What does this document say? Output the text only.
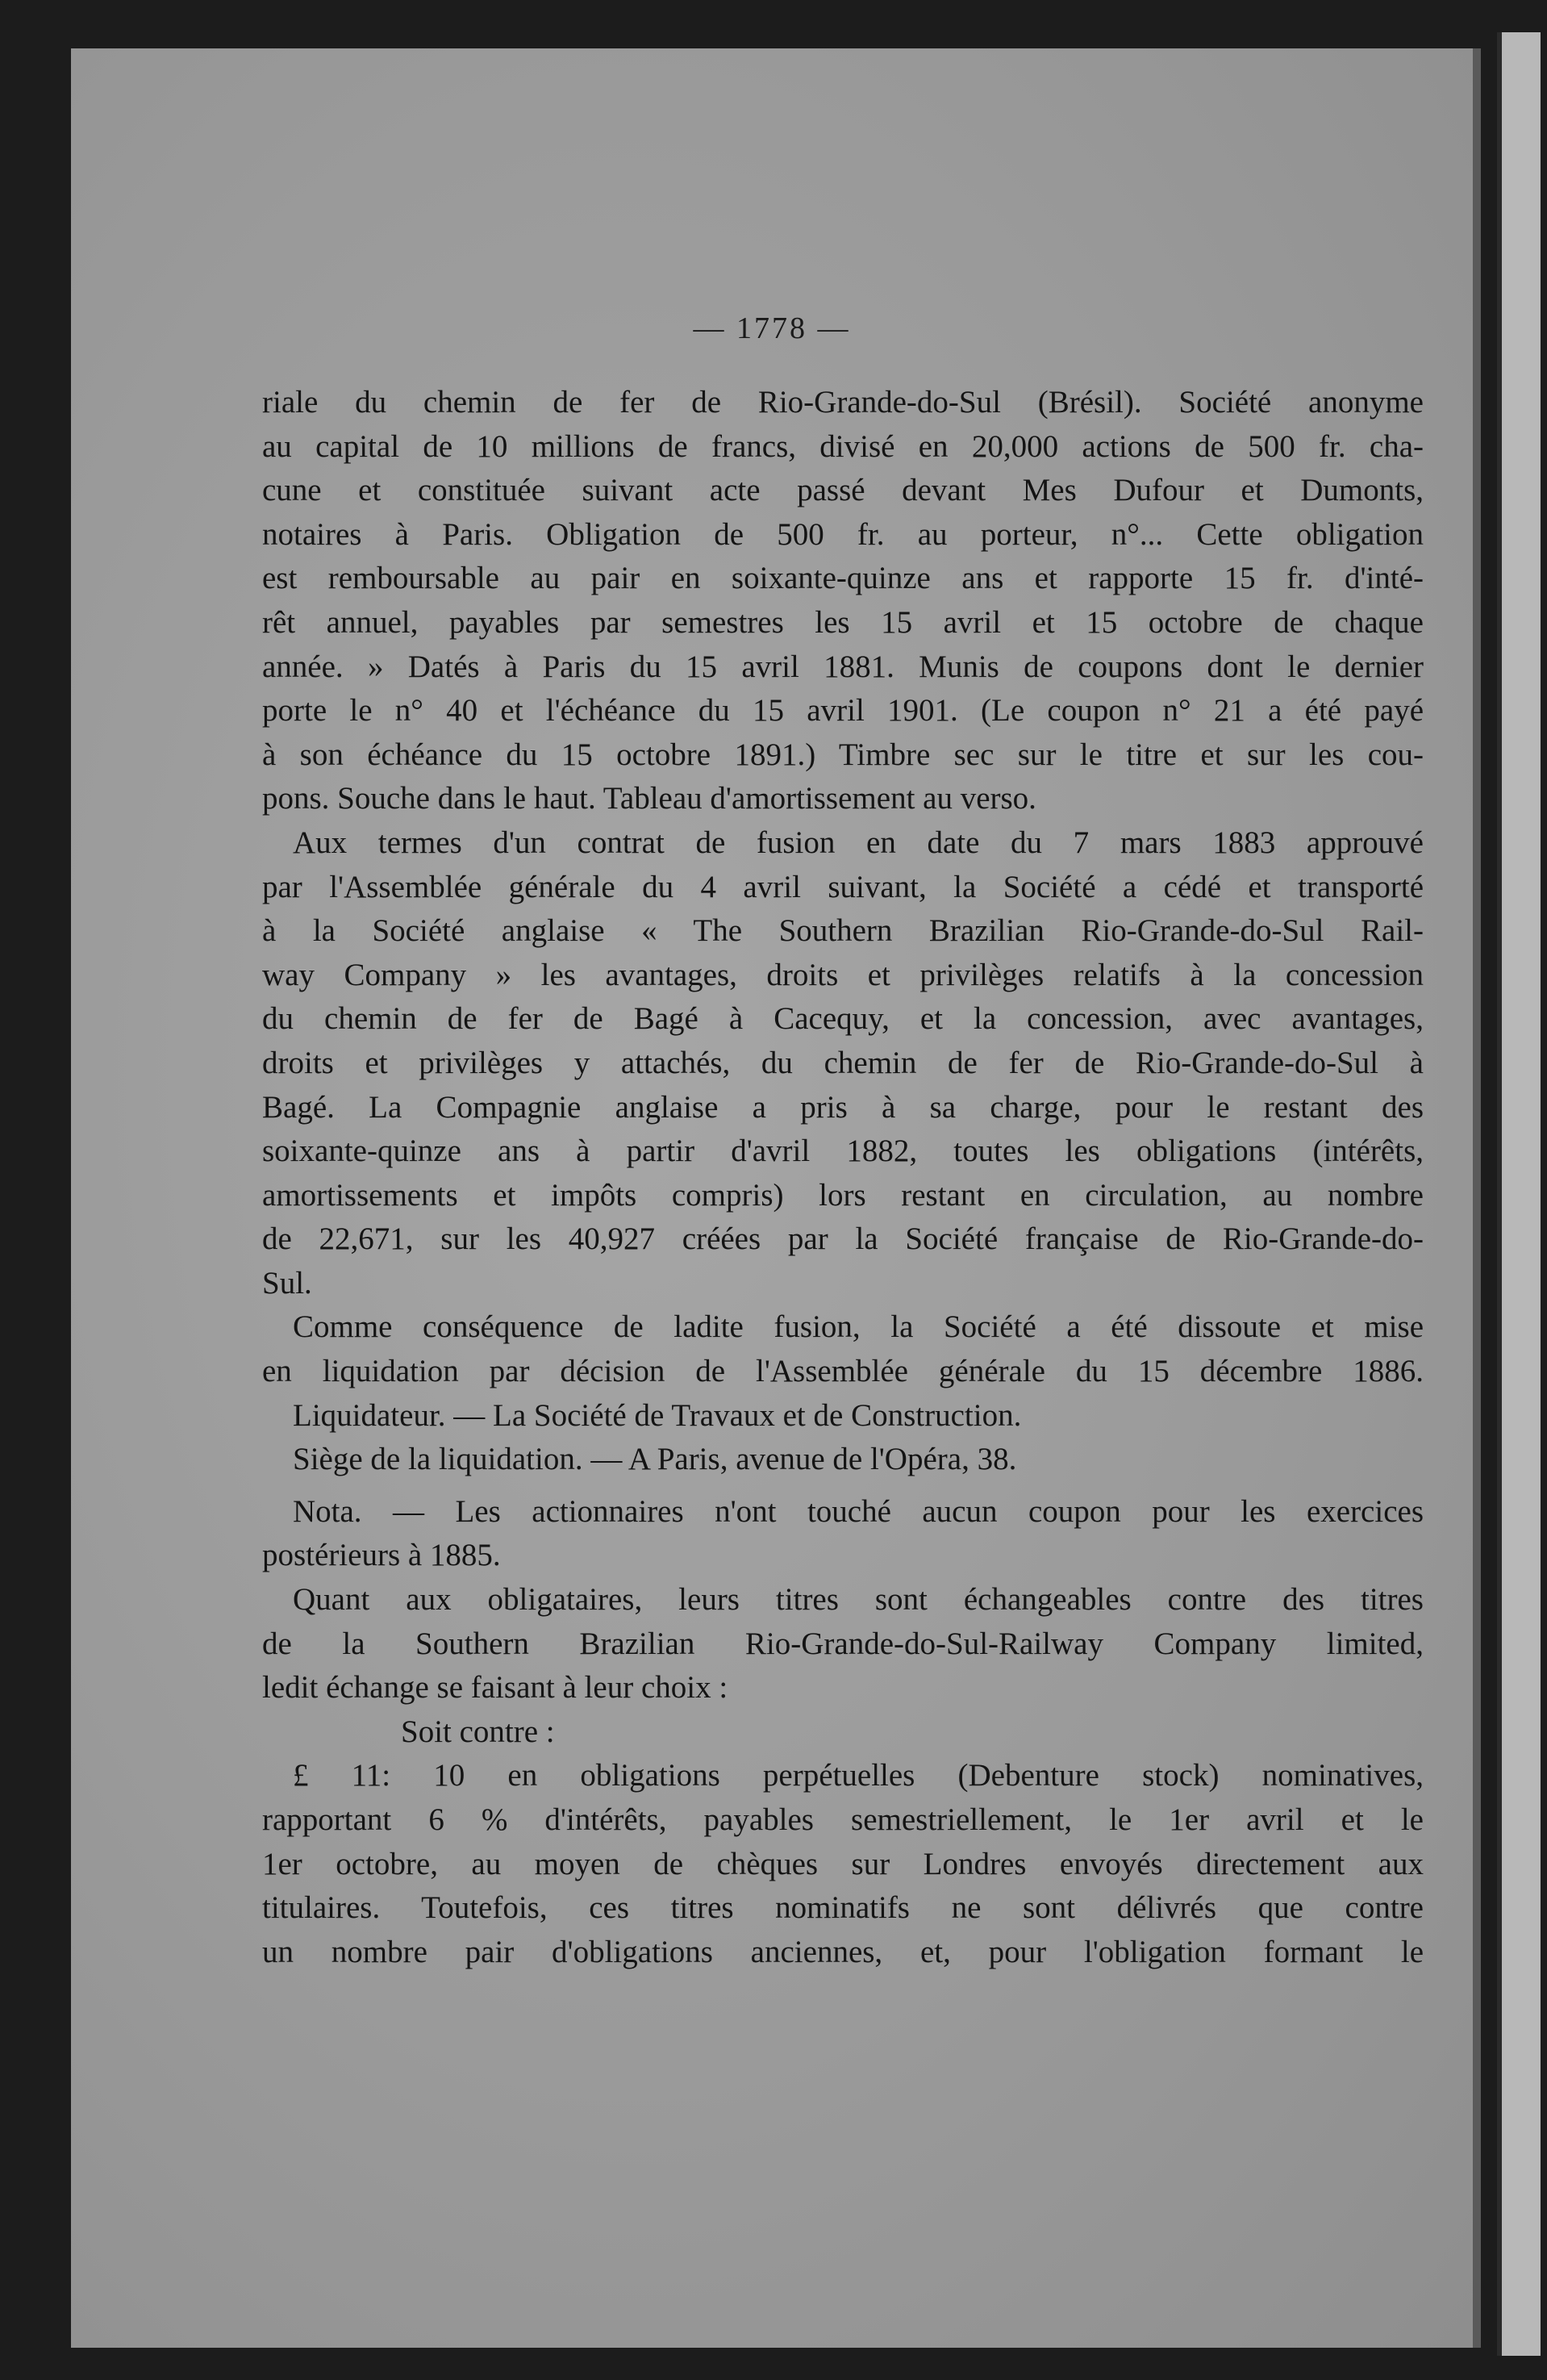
— 1778 —
riale du chemin de fer de Rio-Grande-do-Sul (Brésil). Société anonyme
au capital de 10 millions de francs, divisé en 20,000 actions de 500 fr. cha-
cune et constituée suivant acte passé devant Mes Dufour et Dumonts,
notaires à Paris. Obligation de 500 fr. au porteur, n°... Cette obligation
est remboursable au pair en soixante-quinze ans et rapporte 15 fr. d'inté-
rêt annuel, payables par semestres les 15 avril et 15 octobre de chaque
année. » Datés à Paris du 15 avril 1881. Munis de coupons dont le dernier
porte le n° 40 et l'échéance du 15 avril 1901. (Le coupon n° 21 a été payé
à son échéance du 15 octobre 1891.) Timbre sec sur le titre et sur les cou-
pons. Souche dans le haut. Tableau d'amortissement au verso.
Aux termes d'un contrat de fusion en date du 7 mars 1883 approuvé
par l'Assemblée générale du 4 avril suivant, la Société a cédé et transporté
à la Société anglaise « The Southern Brazilian Rio-Grande-do-Sul Rail-
way Company » les avantages, droits et privilèges relatifs à la concession
du chemin de fer de Bagé à Cacequy, et la concession, avec avantages,
droits et privilèges y attachés, du chemin de fer de Rio-Grande-do-Sul à
Bagé. La Compagnie anglaise a pris à sa charge, pour le restant des
soixante-quinze ans à partir d'avril 1882, toutes les obligations (intérêts,
amortissements et impôts compris) lors restant en circulation, au nombre
de 22,671, sur les 40,927 créées par la Société française de Rio-Grande-do-
Sul.
Comme conséquence de ladite fusion, la Société a été dissoute et mise
en liquidation par décision de l'Assemblée générale du 15 décembre 1886.
Liquidateur. — La Société de Travaux et de Construction.
Siège de la liquidation. — A Paris, avenue de l'Opéra, 38.
Nota. — Les actionnaires n'ont touché aucun coupon pour les exercices
postérieurs à 1885.
Quant aux obligataires, leurs titres sont échangeables contre des titres
de la Southern Brazilian Rio-Grande-do-Sul-Railway Company limited,
ledit échange se faisant à leur choix :
Soit contre :
£ 11: 10 en obligations perpétuelles (Debenture stock) nominatives,
rapportant 6 % d'intérêts, payables semestriellement, le 1er avril et le
1er octobre, au moyen de chèques sur Londres envoyés directement aux
titulaires. Toutefois, ces titres nominatifs ne sont délivrés que contre
un nombre pair d'obligations anciennes, et, pour l'obligation formant le
